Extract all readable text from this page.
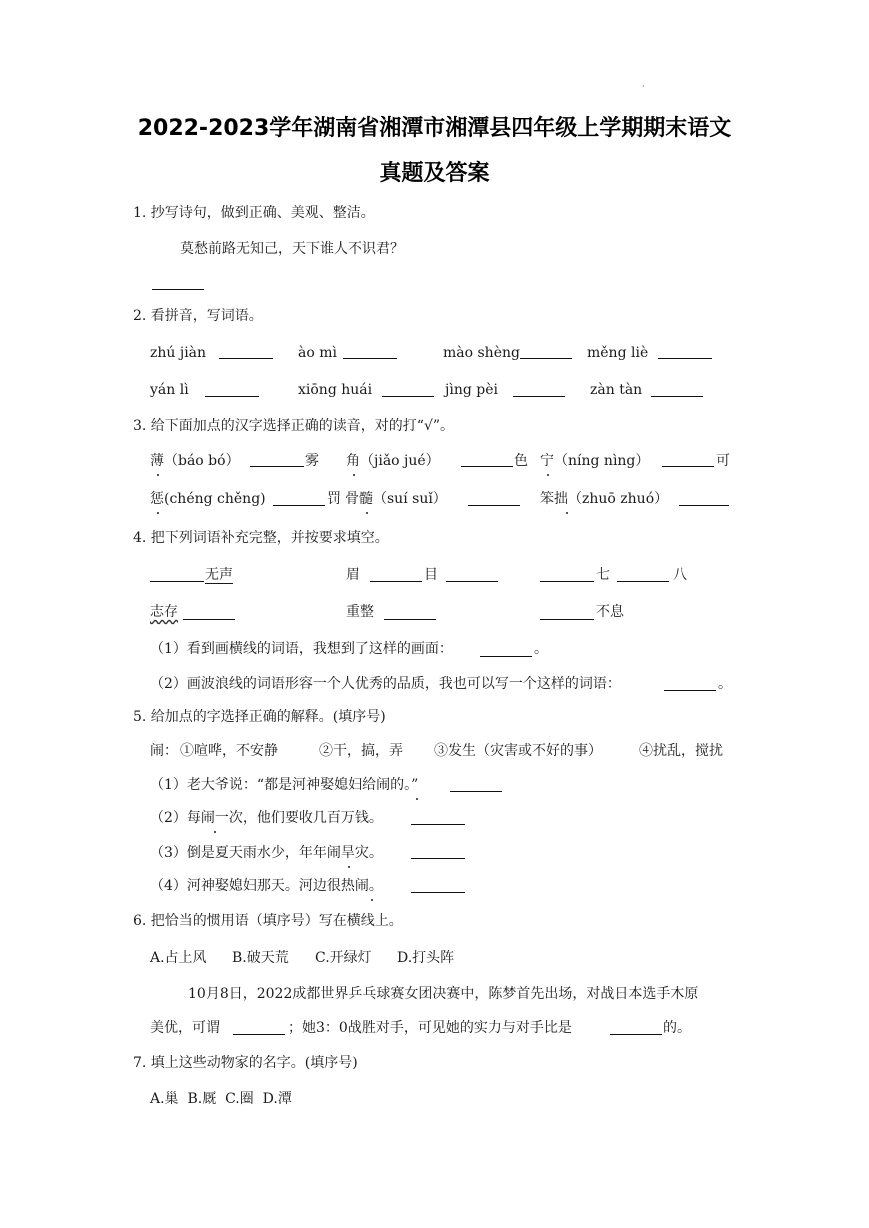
·
2022-2023学年湖南省湘潭市湘潭县四年级上学期期末语文
真题及答案
1. 抄写诗句，做到正确、美观、整洁。
莫愁前路无知己，天下谁人不识君？
2. 看拼音，写词语。
zhú jiàn	ào mì	mào shèng	měng liè
yán lì	xiōng huái	jìng pèi	zàn tàn
3. 给下面加点的汉字选择正确的读音，对的打“√”。
薄（báo bó）	雾 角（jiǎo jué）	色 宁（níng nìng）	可
惩(chéng chěng)	罚 骨髓（suí suǐ）	笨拙（zhuō zhuó）
4. 把下列词语补充完整，并按要求填空。
无声	眉	目	七	八
志存	重整	不息
（1）看到画横线的词语，我想到了这样的画面：	。
（2）画波浪线的词语形容一个人优秀的品质，我也可以写一个这样的词语：	。
5. 给加点的字选择正确的解释。(填序号)
闹： ①喧哗，不安静	②干，搞，弄 ③发生（灾害或不好的事）	④扰乱，搅扰
（1）老大爷说：“都是河神娶媳妇给闹的。”
（2）每闹一次，他们要收几百万钱。
（3）倒是夏天雨水少，年年闹旱灾。
（4）河神娶媳妇那天。河边很热闹。
6. 把恰当的惯用语（填序号）写在横线上。
A.占上风 B.破天荒 C.开绿灯 D.打头阵
10月8日，2022成都世界乒乓球赛女团决赛中，陈梦首先出场，对战日本选手木原
美优，可谓	；她3：0战胜对手，可见她的实力与对手比是	的。
7. 填上这些动物家的名字。(填序号)
A.巢  B.厩  C.圈  D.潭
